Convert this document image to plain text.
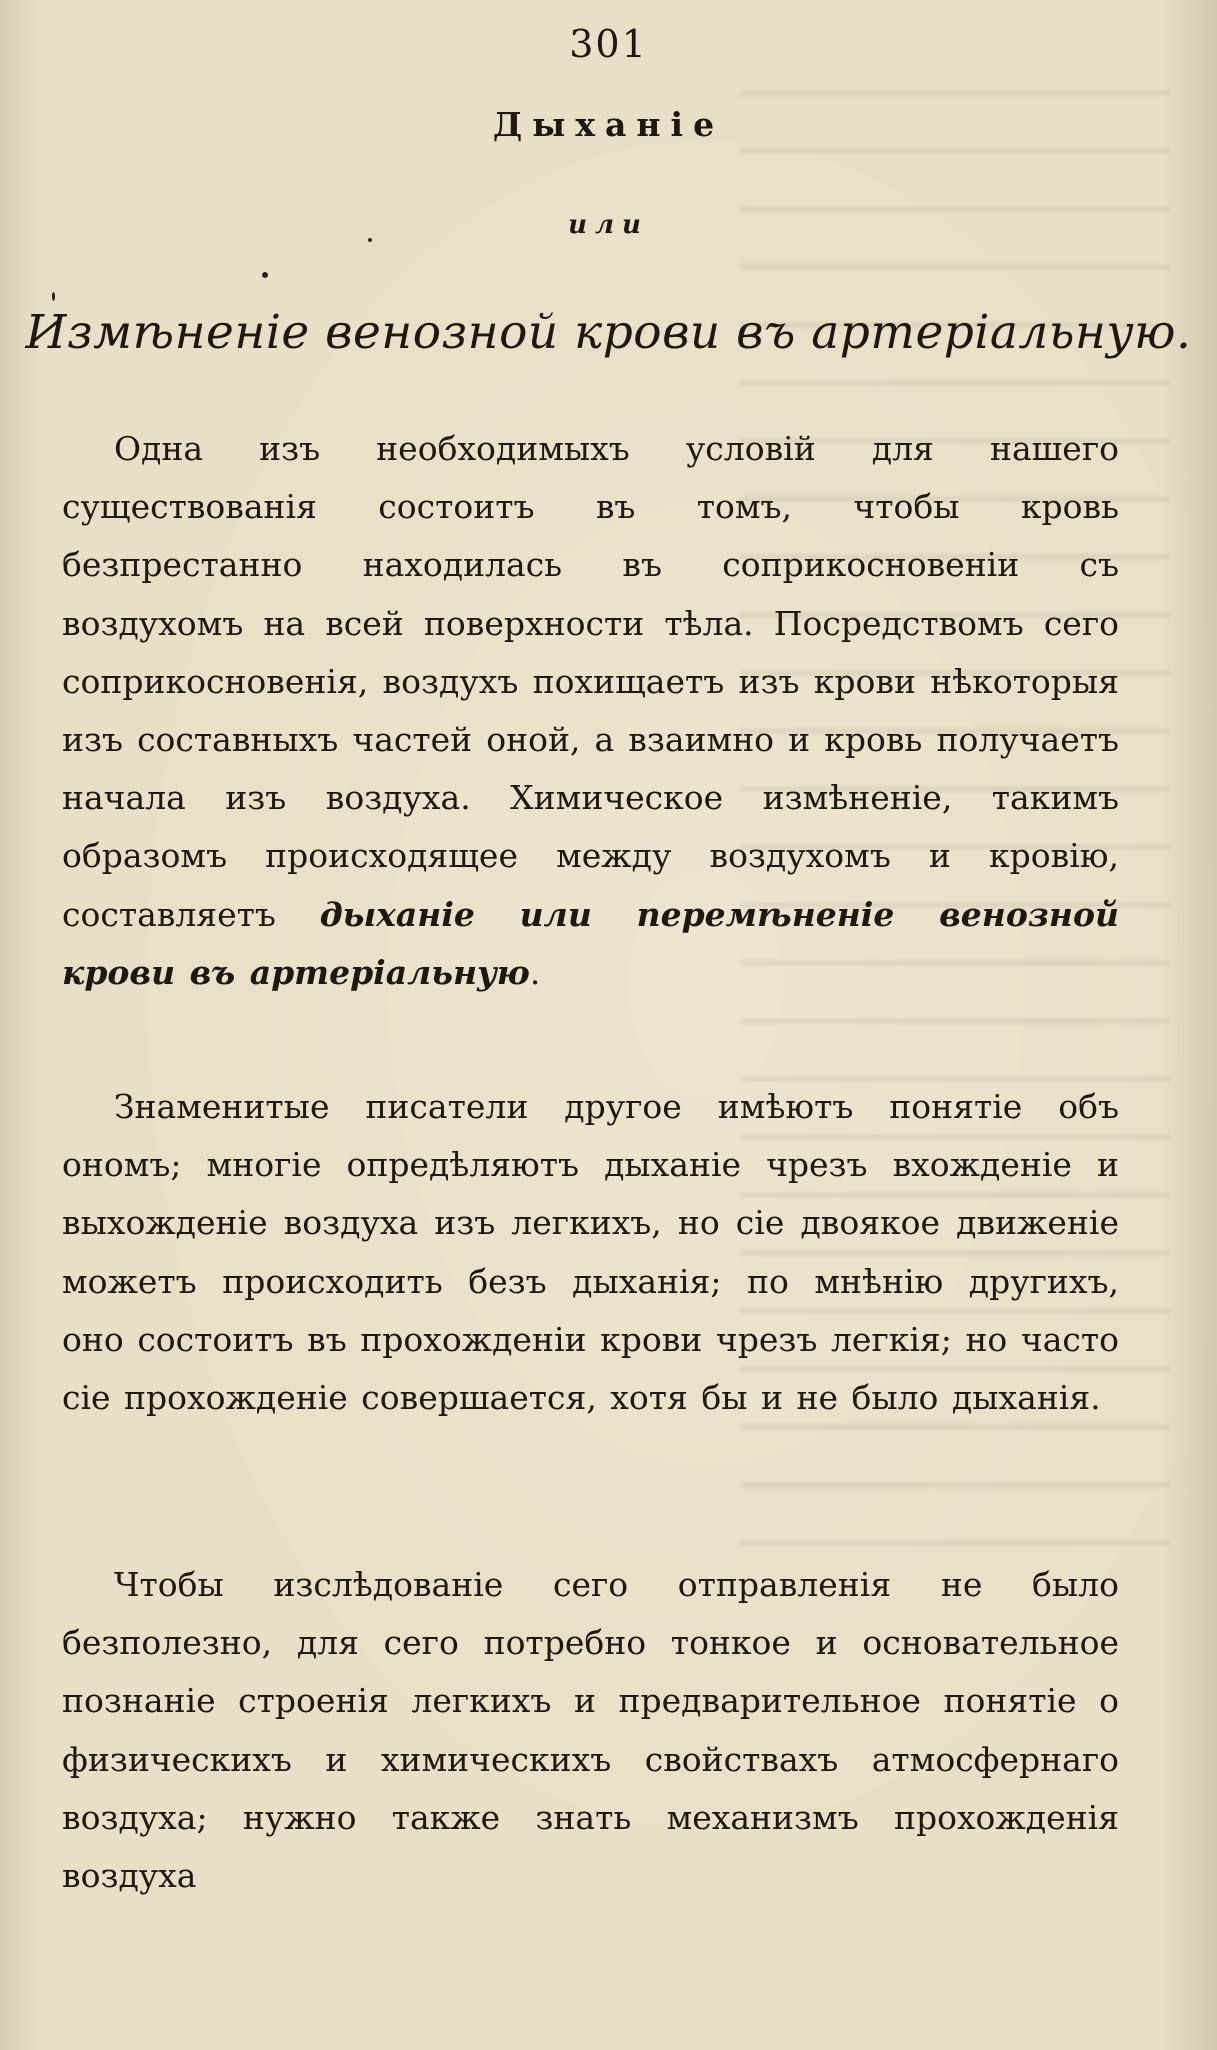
301
Дыханiе
или
Измѣненiе венозной крови въ артерiальную.

Одна изъ необходимыхъ условiй для нашего существованiя состоитъ въ томъ, чтобы кровь безпрестанно находилась въ соприкосновенiи съ воздухомъ на всей поверхности тѣла. Посредствомъ сего соприкосновенiя, воздухъ похищаетъ изъ крови нѣкоторыя изъ составныхъ частей оной, а взаимно и кровь получаетъ начала изъ воздуха. Химическое измѣненiе, такимъ образомъ происходящее между воздухомъ и кровiю, составляетъ дыханiе или перемѣненiе венозной крови въ артерiальную.

Знаменитые писатели другое имѣютъ понятiе объ ономъ; многiе опредѣляютъ дыханiе чрезъ вхожденiе и выхожденiе воздуха изъ легкихъ, но сiе двоякое движенiе можетъ происходить безъ дыханiя; по мнѣнiю другихъ, оно состоитъ въ прохожденiи крови чрезъ легкiя; но часто сiе прохожденiе совершается, хотя бы и не было дыханiя.

Чтобы изслѣдованiе сего отправленiя не было безполезно, для сего потребно тонкое и основательное познанiе строенiя легкихъ и предварительное понятiе о физическихъ и химическихъ свойствахъ атмосфернаго воздуха; нужно также знать механизмъ прохожденiя воздуха
